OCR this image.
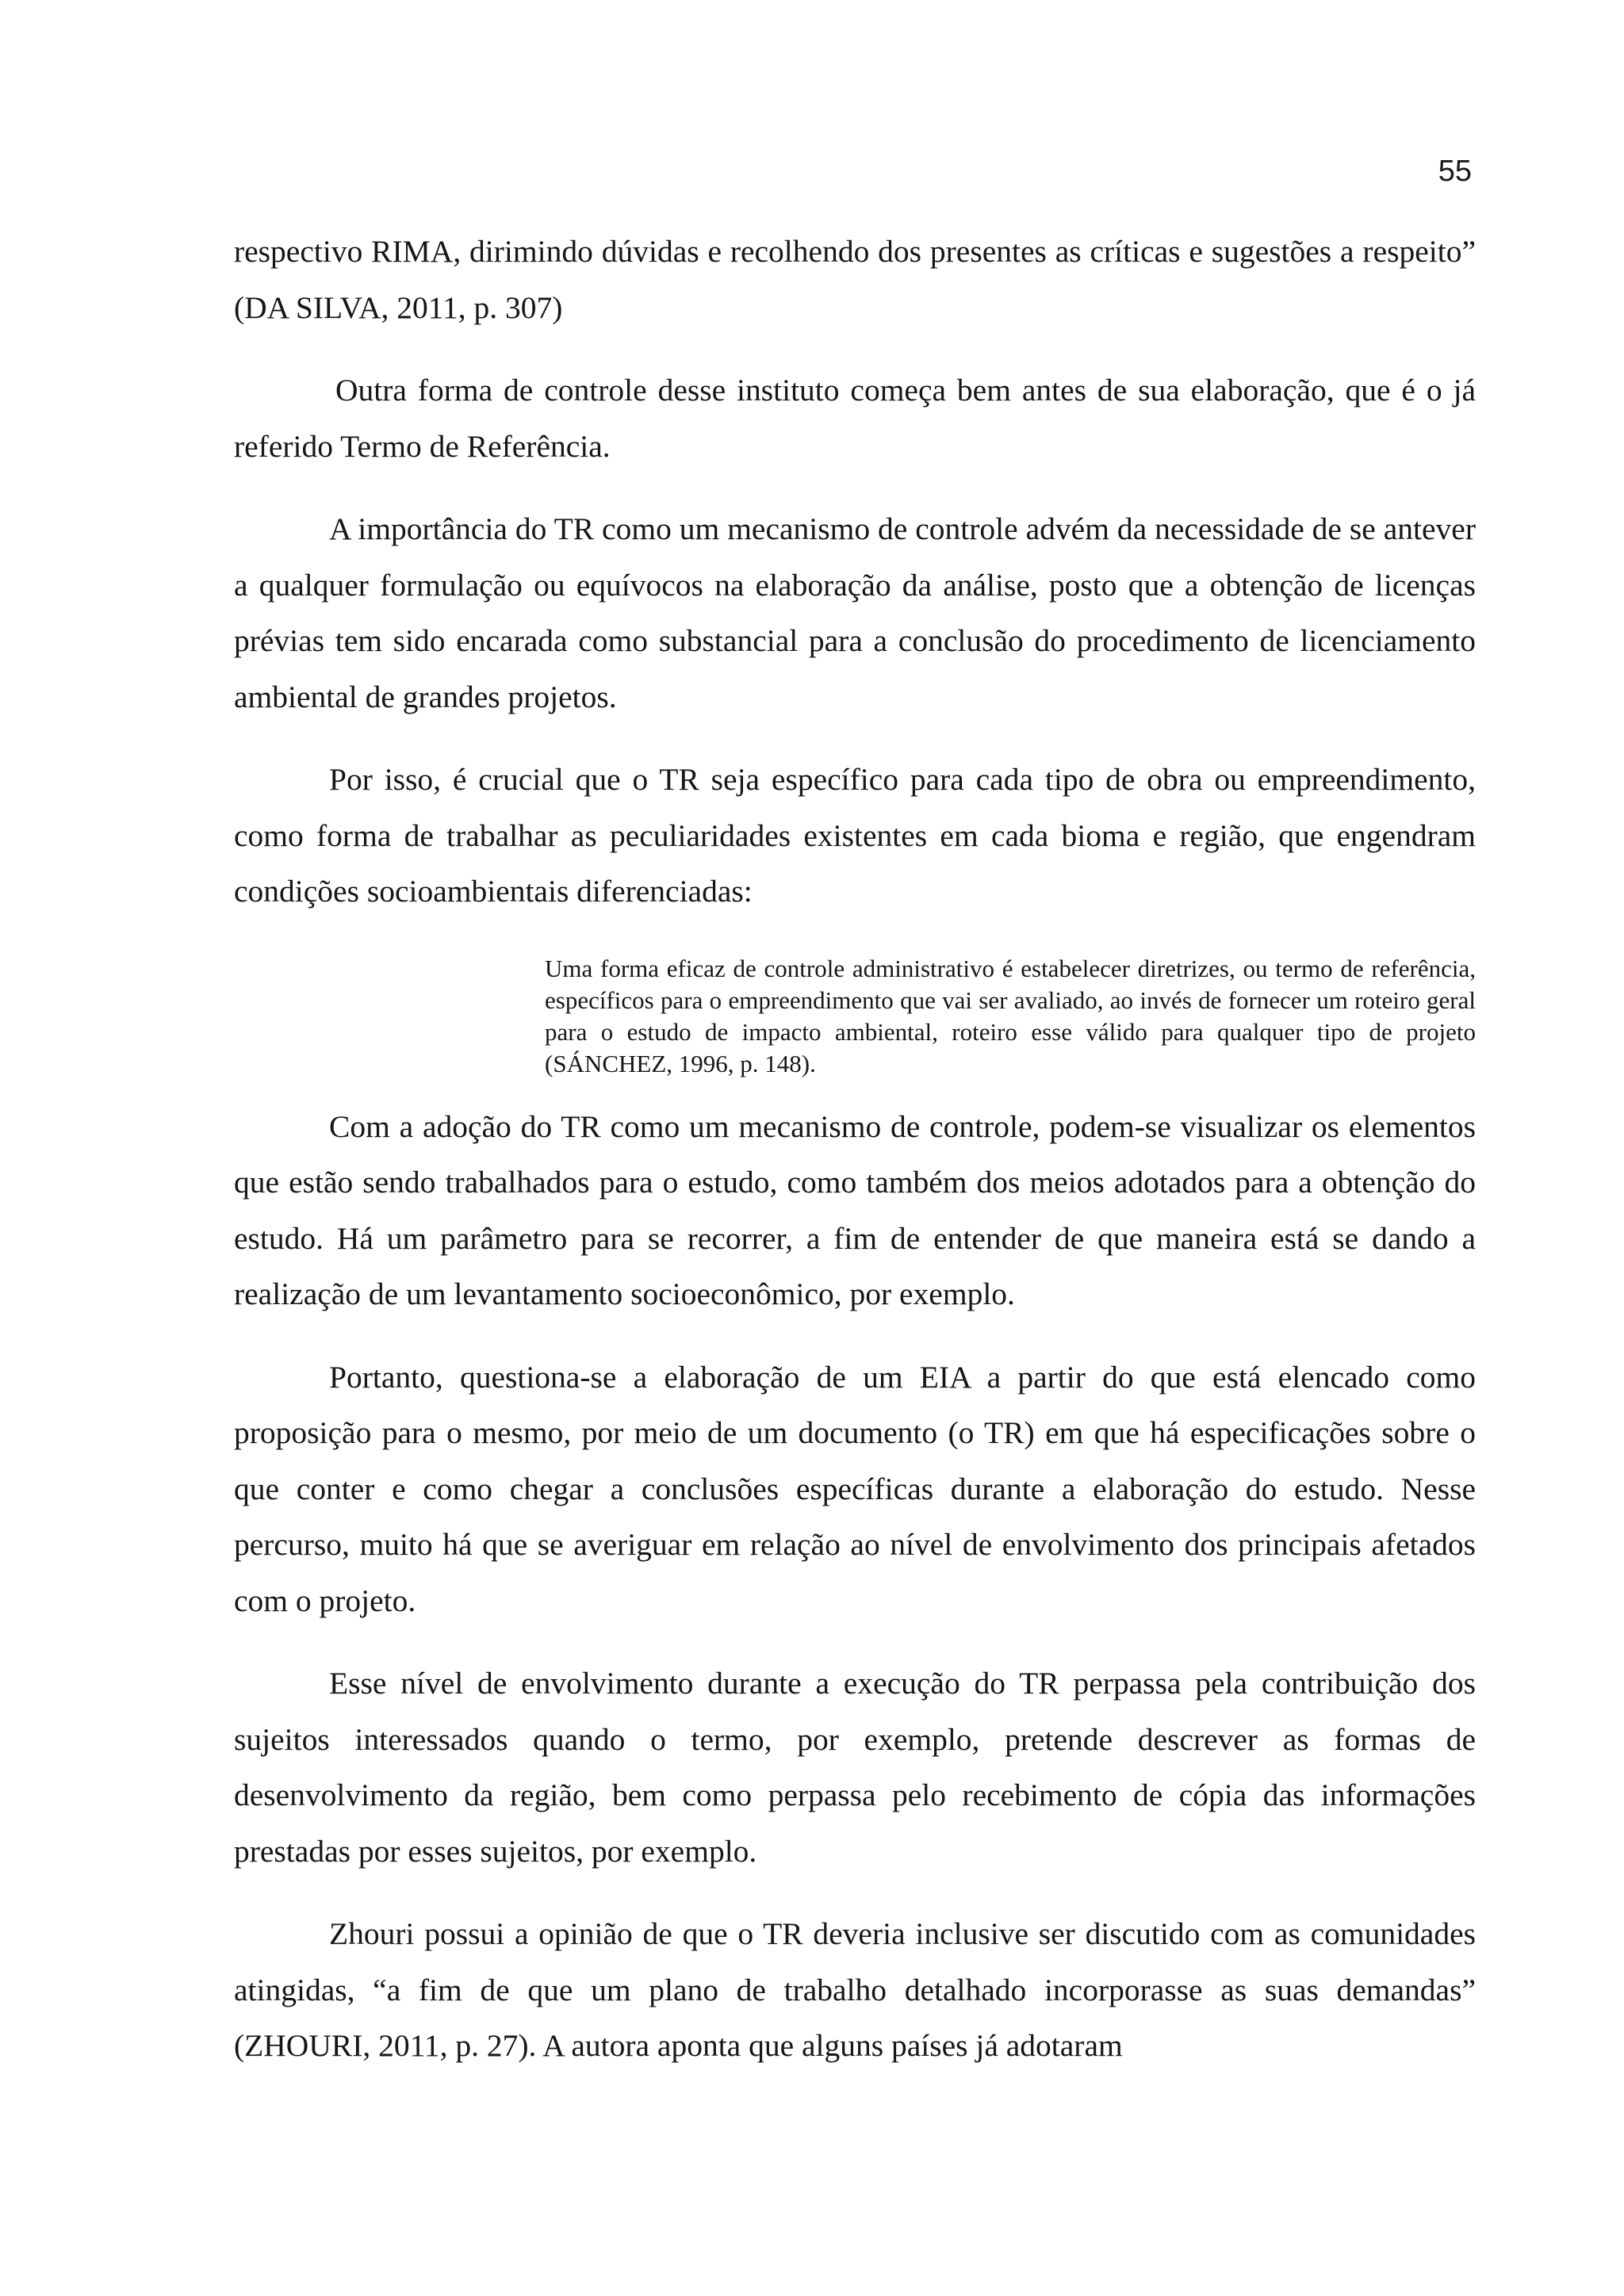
55

respectivo RIMA, dirimindo dúvidas e recolhendo dos presentes as críticas e sugestões a respeito” (DA SILVA, 2011, p. 307)

Outra forma de controle desse instituto começa bem antes de sua elaboração, que é o já referido Termo de Referência.

A importância do TR como um mecanismo de controle advém da necessidade de se antever a qualquer formulação ou equívocos na elaboração da análise, posto que a obtenção de licenças prévias tem sido encarada como substancial para a conclusão do procedimento de licenciamento ambiental de grandes projetos.

Por isso, é crucial que o TR seja específico para cada tipo de obra ou empreendimento, como forma de trabalhar as peculiaridades existentes em cada bioma e região, que engendram condições socioambientais diferenciadas:

Uma forma eficaz de controle administrativo é estabelecer diretrizes, ou termo de referência, específicos para o empreendimento que vai ser avaliado, ao invés de fornecer um roteiro geral para o estudo de impacto ambiental, roteiro esse válido para qualquer tipo de projeto (SÁNCHEZ, 1996, p. 148).

Com a adoção do TR como um mecanismo de controle, podem-se visualizar os elementos que estão sendo trabalhados para o estudo, como também dos meios adotados para a obtenção do estudo. Há um parâmetro para se recorrer, a fim de entender de que maneira está se dando a realização de um levantamento socioeconômico, por exemplo.

Portanto, questiona-se a elaboração de um EIA a partir do que está elencado como proposição para o mesmo, por meio de um documento (o TR) em que há especificações sobre o que conter e como chegar a conclusões específicas durante a elaboração do estudo. Nesse percurso, muito há que se averiguar em relação ao nível de envolvimento dos principais afetados com o projeto.

Esse nível de envolvimento durante a execução do TR perpassa pela contribuição dos sujeitos interessados quando o termo, por exemplo, pretende descrever as formas de desenvolvimento da região, bem como perpassa pelo recebimento de cópia das informações prestadas por esses sujeitos, por exemplo.

Zhouri possui a opinião de que o TR deveria inclusive ser discutido com as comunidades atingidas, “a fim de que um plano de trabalho detalhado incorporasse as suas demandas” (ZHOURI, 2011, p. 27). A autora aponta que alguns países já adotaram
